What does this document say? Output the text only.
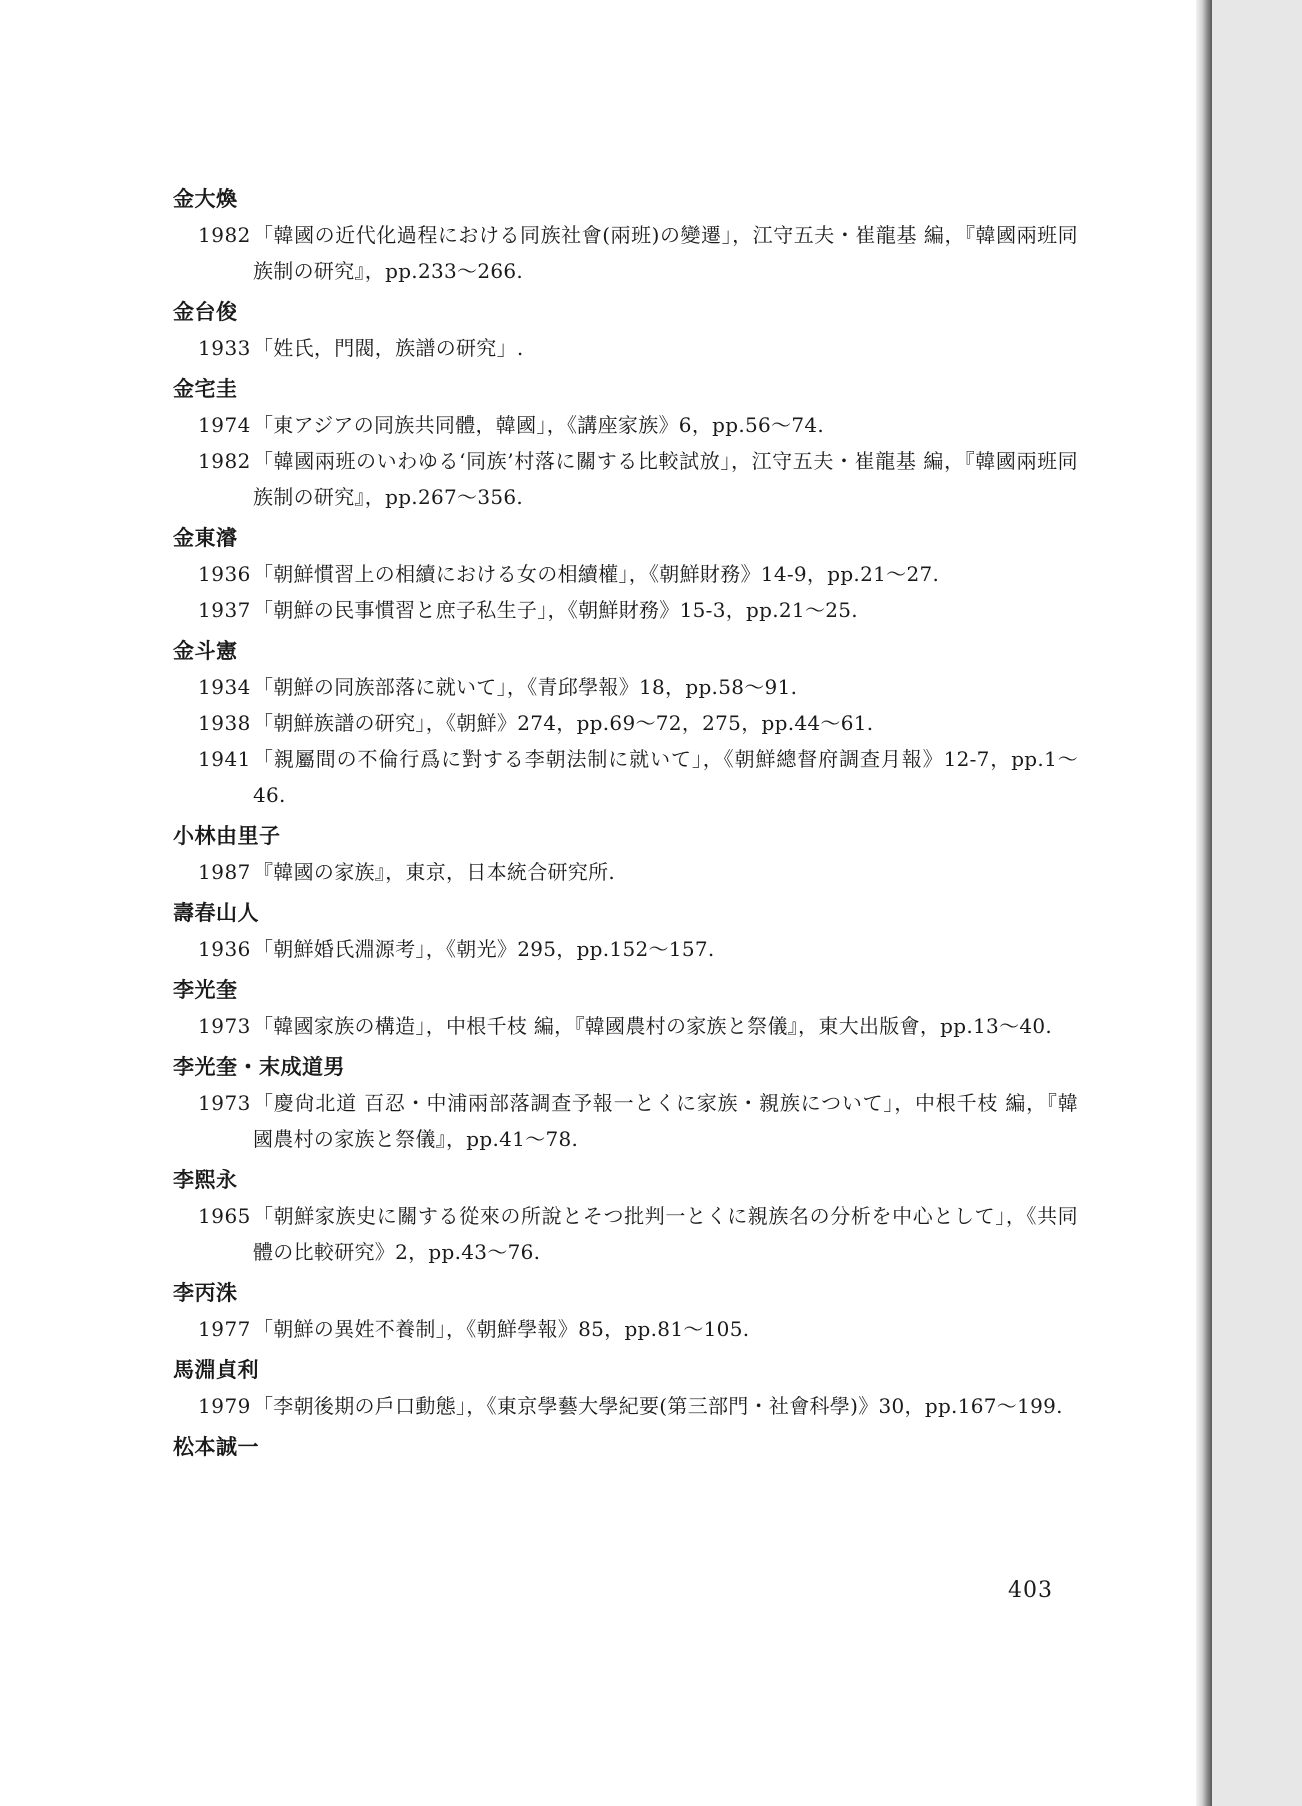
金大煥
1982 「韓國の近代化過程における同族社會(兩班)の變遷」，江守五夫・崔龍基 編，『韓國兩班同族制の研究』，pp.233～266.
金台俊
1933 「姓氏，門閥，族譜の研究」.
金宅圭
1974 「東アジアの同族共同體，韓國」，《講座家族》6，pp.56～74.
1982 「韓國兩班のいわゆる‘同族’村落に關する比較試放」，江守五夫・崔龍基 編，『韓國兩班同族制の研究』，pp.267～356.
金東濬
1936 「朝鮮慣習上の相續における女の相續權」，《朝鮮財務》14-9，pp.21～27.
1937 「朝鮮の民事慣習と庶子私生子」，《朝鮮財務》15-3，pp.21～25.
金斗憲
1934 「朝鮮の同族部落に就いて」，《青邱學報》18，pp.58～91.
1938 「朝鮮族譜の研究」，《朝鮮》274，pp.69～72，275，pp.44～61.
1941 「親屬間の不倫行爲に對する李朝法制に就いて」，《朝鮮總督府調查月報》12-7，pp.1～46.
小林由里子
1987 『韓國の家族』，東京，日本統合研究所.
壽春山人
1936 「朝鮮婚氏淵源考」，《朝光》295，pp.152～157.
李光奎
1973 「韓國家族の構造」，中根千枝 編，『韓國農村の家族と祭儀』，東大出版會，pp.13～40.
李光奎・末成道男
1973 「慶尙北道 百忍・中浦兩部落調查予報一とくに家族・親族について」，中根千枝 編，『韓國農村の家族と祭儀』，pp.41～78.
李熙永
1965 「朝鮮家族史に關する從來の所說とそつ批判一とくに親族名の分析を中心として」，《共同體の比較研究》2，pp.43～76.
李丙洙
1977 「朝鮮の異姓不養制」，《朝鮮學報》85，pp.81～105.
馬淵貞利
1979 「李朝後期の戶口動態」，《東京學藝大學紀要(第三部門・社會科學)》30，pp.167～199.
松本誠一
403
